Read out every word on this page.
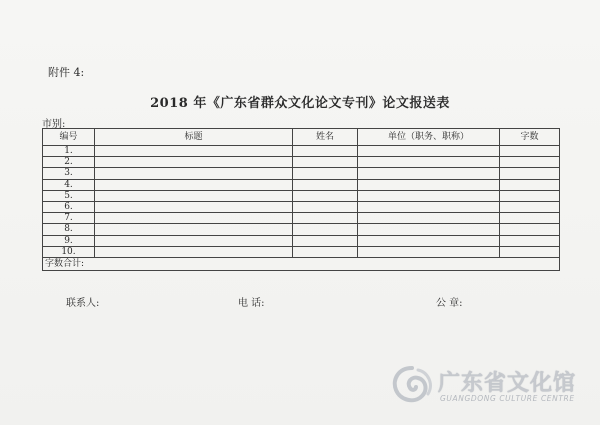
附件 4:
2018 年《广东省群众文化论文专刊》论文报送表
市别:
编号	标题	姓名	单位（职务、职称）	字数
1.				
2.				
3.				
4.				
5.				
6.				
7.				
8.				
9.				
10.				
字数合计:				
联系人:	电 话:	公 章:
广东省文化馆
GUANGDONG CULTURE CENTRE
